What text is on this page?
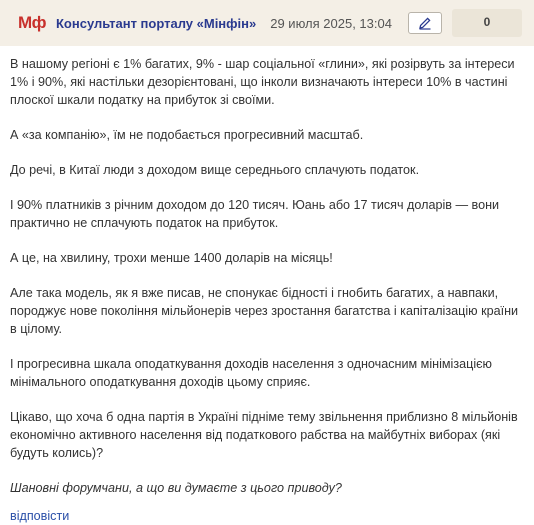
Мф Консультант порталу «Мінфін» 29 июля 2025, 13:04	0

В нашому регіоні є 1% багатих, 9% - шар соціальної «глини», які розірвуть за інтереси 1% і 90%, які настільки дезорієнтовані, що інколи визначають інтереси 10% в частині плоскої шкали податку на прибуток зі своїми.

А «за компанію», їм не подобається прогресивний масштаб.

До речі, в Китаї люди з доходом вище середнього сплачують податок.

І 90% платників з річним доходом до 120 тисяч. Юань або 17 тисяч доларів — вони практично не сплачують податок на прибуток.

А це, на хвилину, трохи менше 1400 доларів на місяць!

Але така модель, як я вже писав, не спонукає бідності і гнобить багатих, а навпаки, породжує нове покоління мільйонерів через зростання багатства і капіталізацію країни в цілому.

І прогресивна шкала оподаткування доходів населення з одночасним мінімізацією мінімального оподаткування доходів цьому сприяє.

Цікаво, що хоча б одна партія в Україні підніме тему звільнення приблизно 8 мільйонів економічно активного населення від податкового рабства на майбутніх виборах (які будуть колись)?

Шановні форумчани, а що ви думаєте з цього приводу?

відповісти
